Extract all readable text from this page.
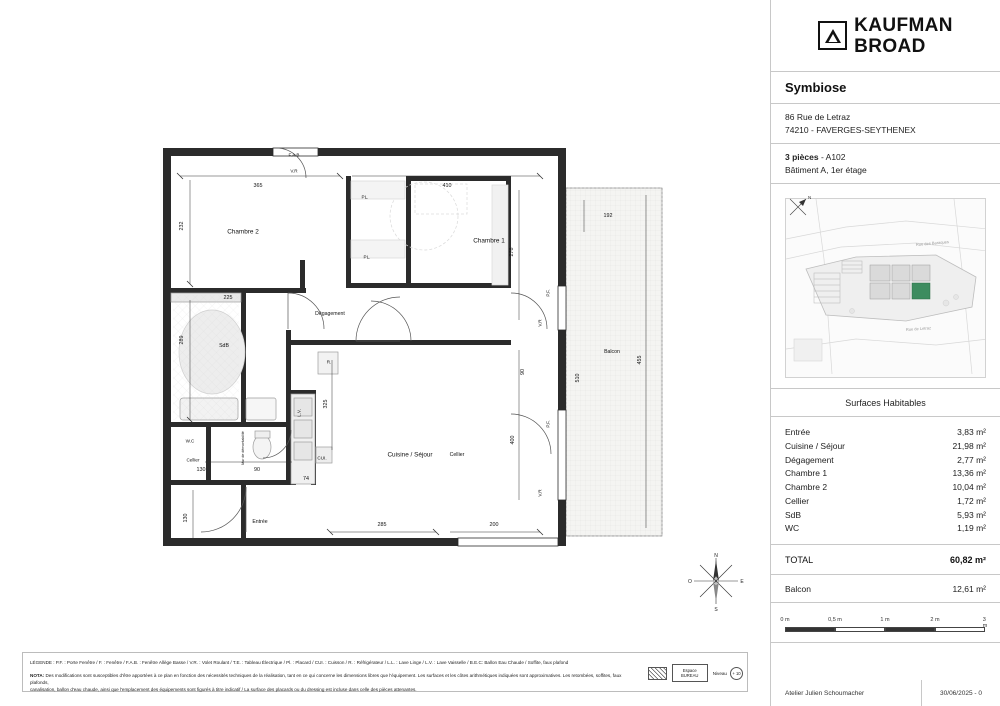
Chambre 2
Chambre 1
Dégagement
SdB
Cuisine / Séjour	Cellier
Entrée
Balcon
W.C
Cellier
365	410
232
192
278
225
289
455
90
510
325
400
130	90
74
130
285	200
F.A.B
V.R
PL.
PL.
P.F.
V.R
P.F.
V.R
R.
CUI.
L.V.
Mur de démontabilité
N
S
O	E
LÉGENDE : P.F. : Porte Fenêtre / F. : Fenêtre / F.A.B. : Fenêtre Allège Basse / V.R. : Volet Roulant / T.E. : Tableau Électrique / Pl. : Placard / CUI. : Cuisson / R. : Réfrigérateur / L.L. : Lave Linge / L.V. : Lave Vaisselle / B.E.C: Ballon Eau Chaude / Soffite, faux plafond
NOTA: Des modifications sont susceptibles d'être apportées à ce plan en fonction des nécessités techniques de la réalisation, tant en ce qui concerne les dimensions libres que l'équipement. Les surfaces et les côtes arithmétiques indiquées sont approximatives. Les retombées, soffites, faux plafonds,
canalisation, ballon d'eau chaude, ainsi que l'emplacement des équipements sont figurés à titre indicatif / La surface des placards ou du dressing est incluse dans celle des pièces attenantes.
Espace
BUREAU	Niveau	+ 10
KAUFMAN
BROAD
Symbiose
86 Rue de Letraz
74210 - FAVERGES-SEYTHENEX
3 pièces - A102
Bâtiment A, 1er étage
Rue des Baraques
Rue de Letraz
N
Surfaces Habitables
Entrée	3,83 m²
Cuisine / Séjour	21,98 m²
Dégagement	2,77 m²
Chambre 1	13,36 m²
Chambre 2	10,04 m²
Cellier	1,72 m²
SdB	5,93 m²
WC	1,19 m²
TOTAL	60,82 m²
Balcon	12,61 m²
0 m	0,5 m	1 m	2 m	3 m
Atelier Julien Schoumacher	30/06/2025 - 0
